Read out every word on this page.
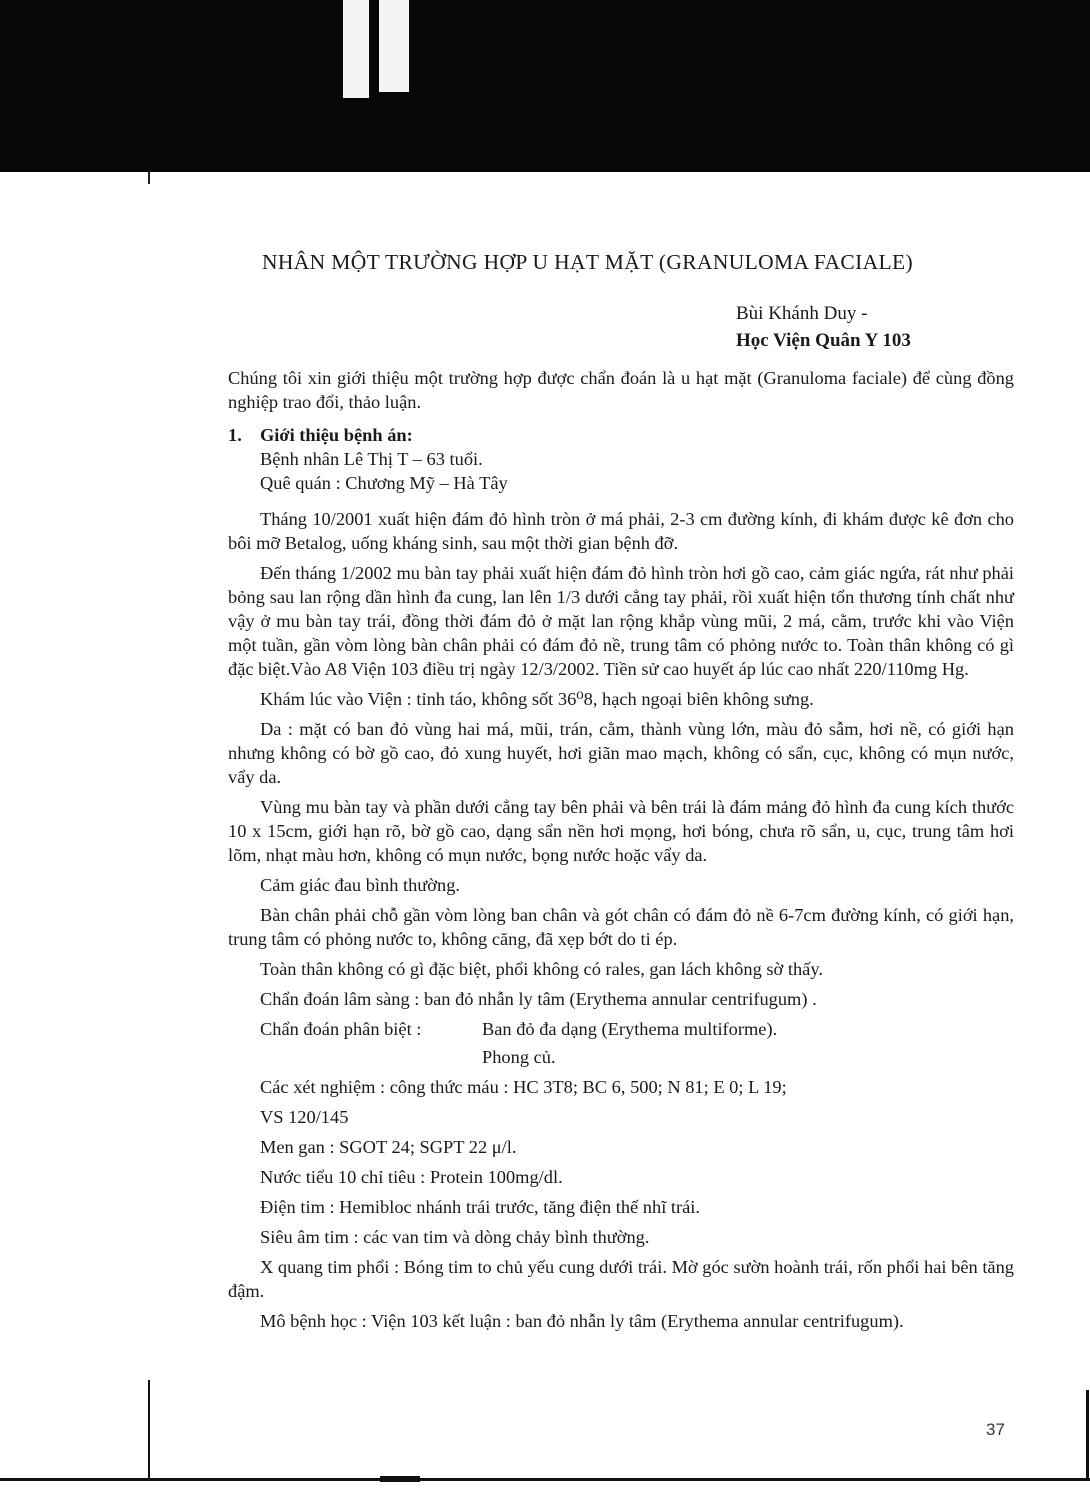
NHÂN MỘT TRƯỜNG HỢP U HẠT MẶT (GRANULOMA FACIALE)
Bùi Khánh Duy -
Học Viện Quân Y 103

Chúng tôi xin giới thiệu một trường hợp được chẩn đoán là u hạt mặt (Granuloma faciale) để cùng đồng nghiệp trao đổi, thảo luận.

1. Giới thiệu bệnh án:

Bệnh nhân Lê Thị T – 63 tuổi.

Quê quán : Chương Mỹ – Hà Tây

Tháng 10/2001 xuất hiện đám đỏ hình tròn ở má phải, 2-3 cm đường kính, đi khám được kê đơn cho bôi mỡ Betalog, uống kháng sinh, sau một thời gian bệnh đỡ.

Đến tháng 1/2002 mu bàn tay phải xuất hiện đám đỏ hình tròn hơi gồ cao, cảm giác ngứa, rát như phải bỏng sau lan rộng dần hình đa cung, lan lên 1/3 dưới cẳng tay phải, rồi xuất hiện tổn thương tính chất như vậy ở mu bàn tay trái, đồng thời đám đỏ ở mặt lan rộng khắp vùng mũi, 2 má, cằm, trước khi vào Viện một tuần, gần vòm lòng bàn chân phải có đám đỏ nề, trung tâm có phỏng nước to. Toàn thân không có gì đặc biệt.Vào A8 Viện 103 điều trị ngày 12/3/2002. Tiền sử cao huyết áp lúc cao nhất 220/110mg Hg.

Khám lúc vào Viện : tỉnh táo, không sốt 36⁰8, hạch ngoại biên không sưng.

Da : mặt có ban đỏ vùng hai má, mũi, trán, cằm, thành vùng lớn, màu đỏ sẫm, hơi nề, có giới hạn nhưng không có bờ gồ cao, đỏ xung huyết, hơi giãn mao mạch, không có sẩn, cục, không có mụn nước, vẩy da.

Vùng mu bàn tay và phần dưới cẳng tay bên phải và bên trái là đám mảng đỏ hình đa cung kích thước 10 x 15cm, giới hạn rõ, bờ gồ cao, dạng sẩn nền hơi mọng, hơi bóng, chưa rõ sẩn, u, cục, trung tâm hơi lõm, nhạt màu hơn, không có mụn nước, bọng nước hoặc vẩy da.

Cảm giác đau bình thường.

Bàn chân phải chỗ gần vòm lòng ban chân và gót chân có đám đỏ nề 6-7cm đường kính, có giới hạn, trung tâm có phỏng nước to, không căng, đã xẹp bớt do ti ép.

Toàn thân không có gì đặc biệt, phổi không có rales, gan lách không sờ thấy.

Chẩn đoán lâm sàng : ban đỏ nhẫn ly tâm (Erythema annular centrifugum) .

Chẩn đoán phân biệt :	Ban đỏ đa dạng (Erythema multiforme).

Phong củ.

Các xét nghiệm : công thức máu : HC 3T8; BC 6, 500; N 81; E 0; L 19;

VS 120/145

Men gan : SGOT 24; SGPT 22 μ/l.

Nước tiểu 10 chỉ tiêu : Protein 100mg/dl.

Điện tim : Hemibloc nhánh trái trước, tăng điện thế nhĩ trái.

Siêu âm tim : các van tim và dòng chảy bình thường.

X quang tim phổi : Bóng tim to chủ yếu cung dưới trái. Mờ góc sườn hoành trái, rốn phổi hai bên tăng đậm.

Mô bệnh học : Viện 103 kết luận : ban đỏ nhẫn ly tâm (Erythema annular centrifugum).

37
